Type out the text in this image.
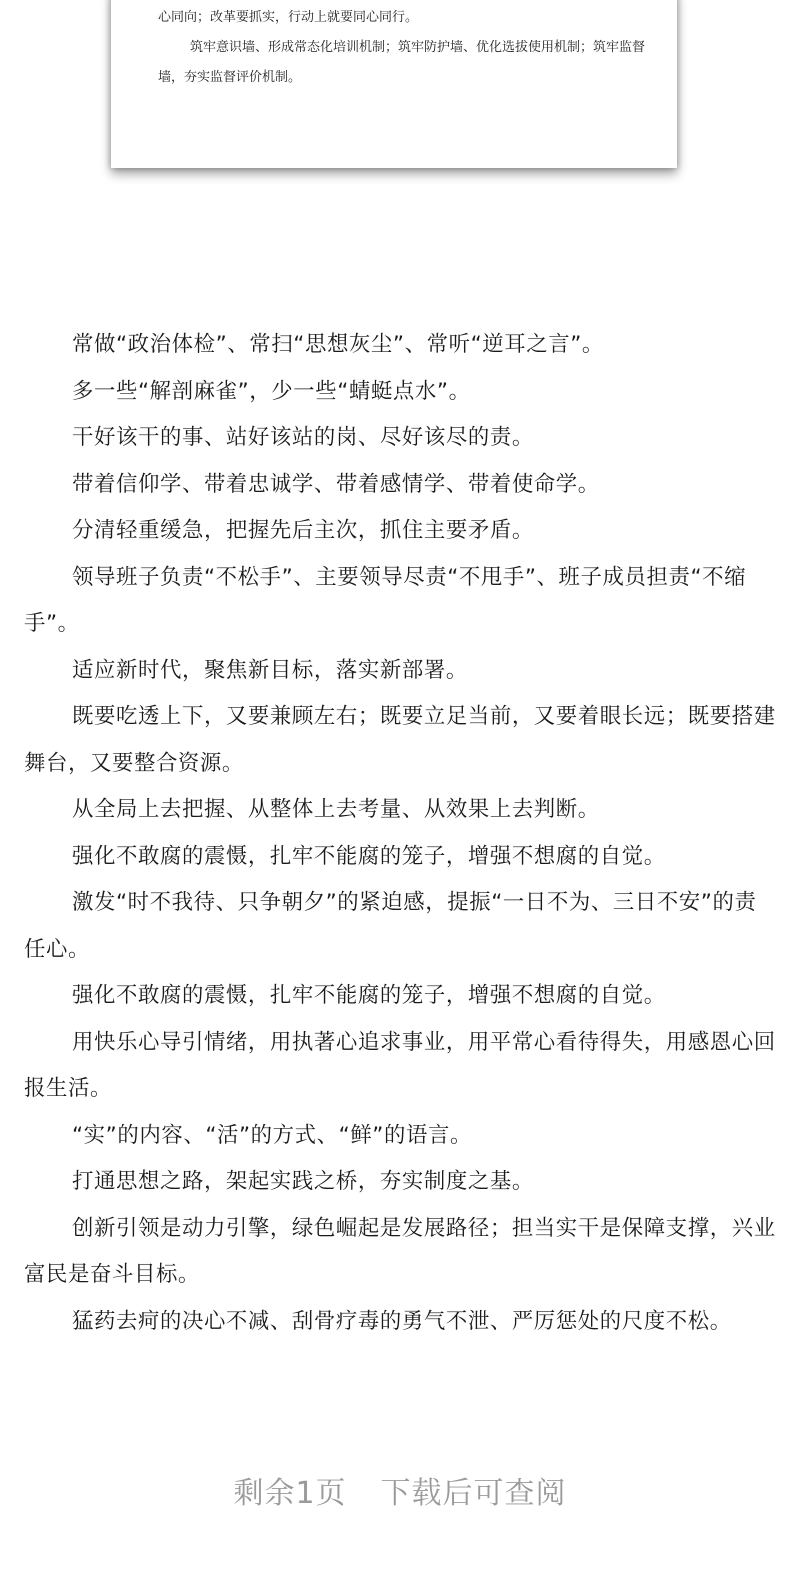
心同向；改革要抓实，行动上就要同心同行。

筑牢意识墙、形成常态化培训机制；筑牢防护墙、优化选拔使用机制；筑牢监督墙，夯实监督评价机制。

常做“政治体检”、常扫“思想灰尘”、常听“逆耳之言”。

多一些“解剖麻雀”，少一些“蜻蜓点水”。

干好该干的事、站好该站的岗、尽好该尽的责。

带着信仰学、带着忠诚学、带着感情学、带着使命学。

分清轻重缓急，把握先后主次，抓住主要矛盾。

领导班子负责“不松手”、主要领导尽责“不甩手”、班子成员担责“不缩手”。

适应新时代，聚焦新目标，落实新部署。

既要吃透上下，又要兼顾左右；既要立足当前，又要着眼长远；既要搭建舞台，又要整合资源。

从全局上去把握、从整体上去考量、从效果上去判断。

强化不敢腐的震慑，扎牢不能腐的笼子，增强不想腐的自觉。

激发“时不我待、只争朝夕”的紧迫感，提振“一日不为、三日不安”的责任心。

强化不敢腐的震慑，扎牢不能腐的笼子，增强不想腐的自觉。

用快乐心导引情绪，用执著心追求事业，用平常心看待得失，用感恩心回报生活。

“实”的内容、“活”的方式、“鲜”的语言。

打通思想之路，架起实践之桥，夯实制度之基。

创新引领是动力引擎，绿色崛起是发展路径；担当实干是保障支撑，兴业富民是奋斗目标。

猛药去疴的决心不减、刮骨疗毒的勇气不泄、严厉惩处的尺度不松。

剩余1页 下载后可查阅
